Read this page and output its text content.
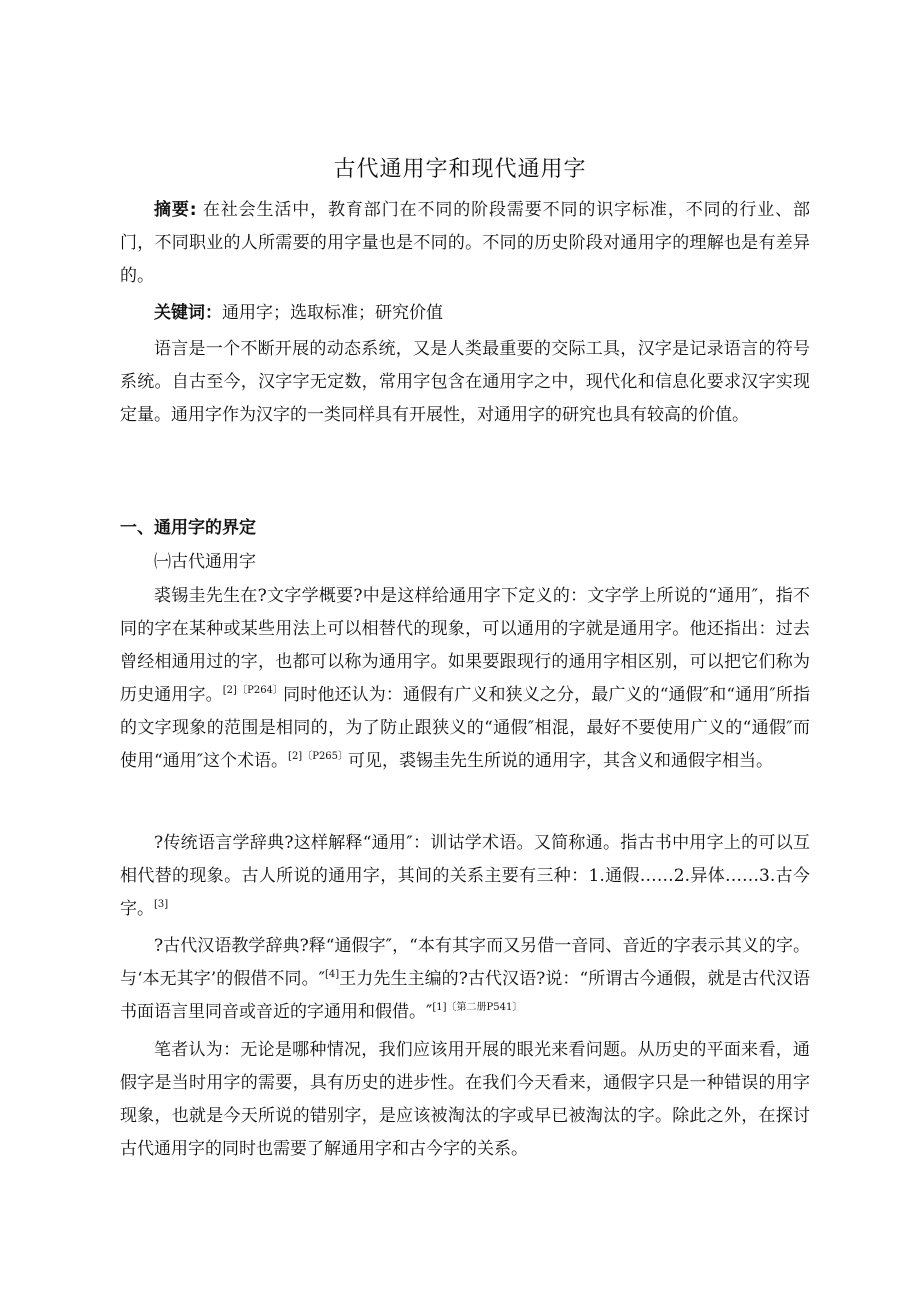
古代通用字和现代通用字
摘要: 在社会生活中，教育部门在不同的阶段需要不同的识字标准，不同的行业、部门，不同职业的人所需要的用字量也是不同的。不同的历史阶段对通用字的理解也是有差异的。
关键词：通用字；选取标准；研究价值
语言是一个不断开展的动态系统，又是人类最重要的交际工具，汉字是记录语言的符号系统。自古至今，汉字字无定数，常用字包含在通用字之中，现代化和信息化要求汉字实现定量。通用字作为汉字的一类同样具有开展性，对通用字的研究也具有较高的价值。
一、通用字的界定
㈠古代通用字
裘锡圭先生在?文字学概要?中是这样给通用字下定义的：文字学上所说的“通用″，指不同的字在某种或某些用法上可以相替代的现象，可以通用的字就是通用字。他还指出：过去曾经相通用过的字，也都可以称为通用字。如果要跟现行的通用字相区别，可以把它们称为历史通用字。$^{[2]〔P264〕}$同时他还认为：通假有广义和狭义之分，最广义的“通假″和“通用″所指的文字现象的范围是相同的，为了防止跟狭义的“通假″相混，最好不要使用广义的“通假″而使用“通用″这个术语。$^{[2]〔P265〕}$可见，裘锡圭先生所说的通用字，其含义和通假字相当。
?传统语言学辞典?这样解释“通用″：训诂学术语。又简称通。指古书中用字上的可以互相代替的现象。古人所说的通用字，其间的关系主要有三种：1.通假……2.异体……3.古今字。[3]
?古代汉语教学辞典?释“通假字″，“本有其字而又另借一音同、音近的字表示其义的字。与‘本无其字’的假借不同。″[4]王力先生主编的?古代汉语?说：“所谓古今通假，就是古代汉语书面语言里同音或音近的字通用和假借。″$^{[1]〔第二册P541〕}$
笔者认为：无论是哪种情况，我们应该用开展的眼光来看问题。从历史的平面来看，通假字是当时用字的需要，具有历史的进步性。在我们今天看来，通假字只是一种错误的用字现象，也就是今天所说的错别字，是应该被淘汰的字或早已被淘汰的字。除此之外，在探讨古代通用字的同时也需要了解通用字和古今字的关系。
